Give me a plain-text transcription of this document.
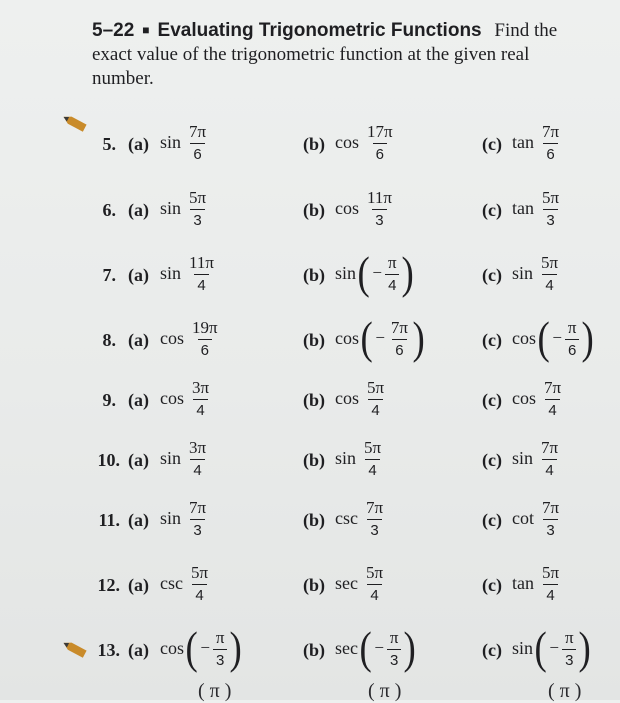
5–22 ■ Evaluating Trigonometric Functions Find the exact value of the trigonometric function at the given real number.
5. (a) $\sin \frac{7\pi}{6}$	(b) $\cos \frac{17\pi}{6}$	(c) $\tan \frac{7\pi}{6}$
6. (a) $\sin \frac{5\pi}{3}$	(b) $\cos \frac{11\pi}{3}$	(c) $\tan \frac{5\pi}{3}$
7. (a) $\sin \frac{11\pi}{4}$	(b) sin ( − $\frac{\pi}{4}$ )	(c) $\sin \frac{5\pi}{4}$
8. (a) $\cos \frac{19\pi}{6}$	(b) cos ( − $\frac{7\pi}{6}$ )	(c) cos ( − $\frac{\pi}{6}$ )
9. (a) $\cos \frac{3\pi}{4}$	(b) $\cos \frac{5\pi}{4}$	(c) $\cos \frac{7\pi}{4}$
10. (a) $\sin \frac{3\pi}{4}$	(b) $\sin \frac{5\pi}{4}$	(c) $\sin \frac{7\pi}{4}$
11. (a) $\sin \frac{7\pi}{3}$	(b) $\csc \frac{7\pi}{3}$	(c) $\cot \frac{7\pi}{3}$
12. (a) $\csc \frac{5\pi}{4}$	(b) $\sec \frac{5\pi}{4}$	(c) $\tan \frac{5\pi}{4}$
13. (a) cos ( − $\frac{\pi}{3}$ )	(b) sec ( − $\frac{\pi}{3}$ )	(c) sin ( − $\frac{\pi}{3}$ )
( π )	( π )	( π )
